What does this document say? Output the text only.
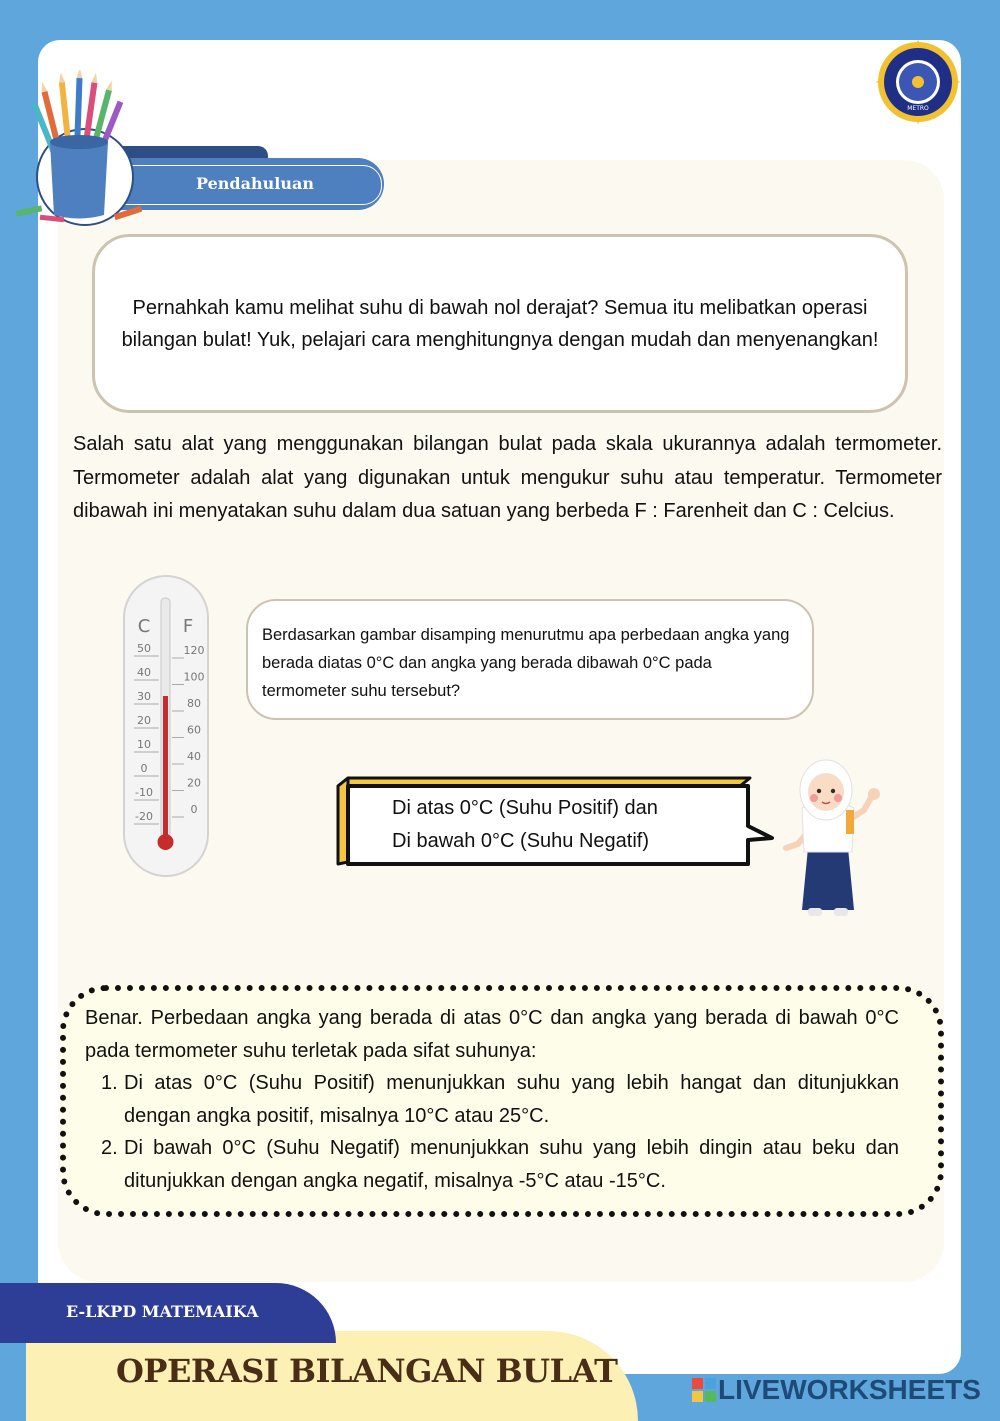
Pendahuluan
METRO
Pernahkah kamu melihat suhu di bawah nol derajat? Semua itu melibatkan operasi bilangan bulat! Yuk, pelajari cara menghitungnya dengan mudah dan menyenangkan!
Salah satu alat yang menggunakan bilangan bulat pada skala ukurannya adalah termometer. Termometer adalah alat yang digunakan untuk mengukur suhu atau temperatur. Termometer dibawah ini menyatakan suhu dalam dua satuan yang berbeda F : Farenheit dan C : Celcius.
C F
50
40
30
20
10
0
-10
-20
120
100
80
60
40
20
0
Berdasarkan gambar disamping menurutmu apa perbedaan angka yang berada diatas 0°C dan angka yang berada dibawah 0°C pada termometer suhu tersebut?
Di atas 0°C (Suhu Positif) dan
Di bawah 0°C (Suhu Negatif)
Benar. Perbedaan angka yang berada di atas 0°C dan angka yang berada di bawah 0°C pada termometer suhu terletak pada sifat suhunya:
1. Di atas 0°C (Suhu Positif) menunjukkan suhu yang lebih hangat dan ditunjukkan dengan angka positif, misalnya 10°C atau 25°C.
2. Di bawah 0°C (Suhu Negatif) menunjukkan suhu yang lebih dingin atau beku dan ditunjukkan dengan angka negatif, misalnya -5°C atau -15°C.
E-LKPD MATEMAIKA
OPERASI BILANGAN BULAT	LIVEWORKSHEETS
